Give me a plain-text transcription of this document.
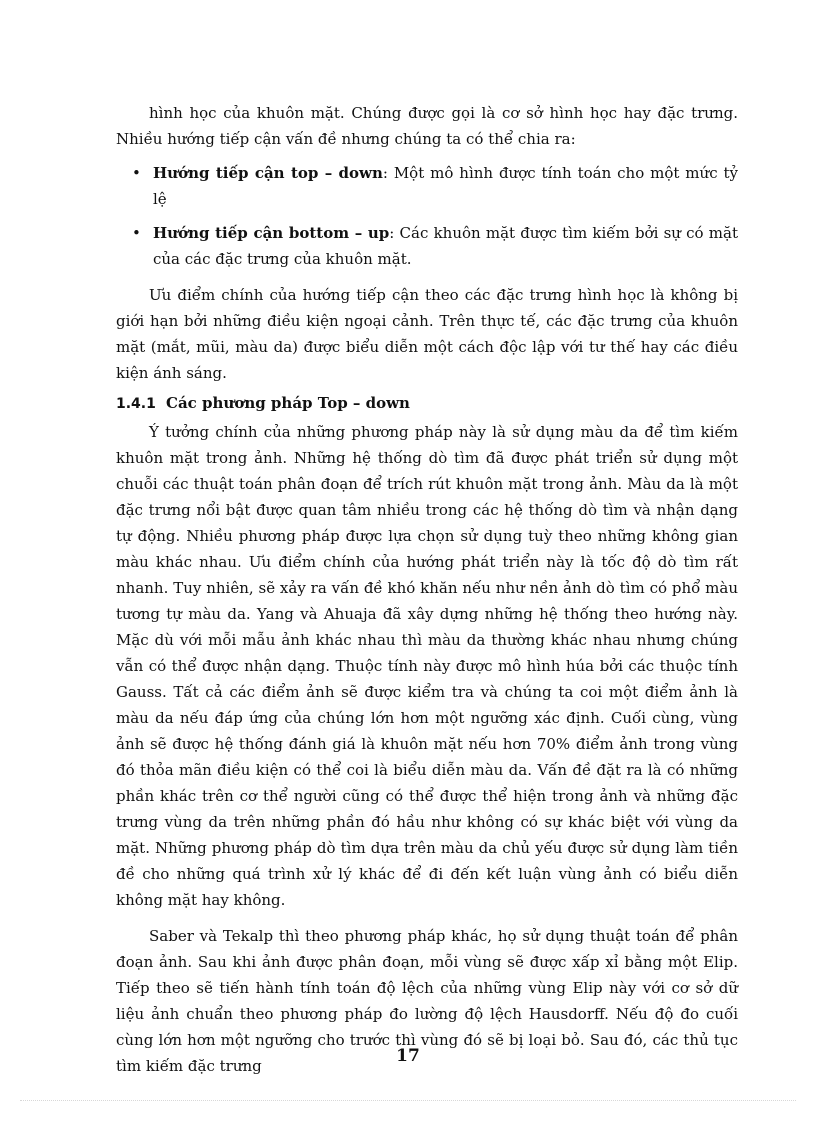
hình học của khuôn mặt. Chúng được gọi là cơ sở hình học hay đặc trưng. Nhiều hướng tiếp cận vấn đề nhưng chúng ta có thể chia ra:

• Hướng tiếp cận top – down: Một mô hình được tính toán cho một mức tỷ lệ

• Hướng tiếp cận bottom – up: Các khuôn mặt được tìm kiếm bởi sự có mặt của các đặc trưng của khuôn mặt.

Ưu điểm chính của hướng tiếp cận theo các đặc trưng hình học là không bị giới hạn bởi những điều kiện ngoại cảnh. Trên thực tế, các đặc trưng của khuôn mặt (mắt, mũi, màu da) được biểu diễn một cách độc lập với tư thế hay các điều kiện ánh sáng.

1.4.1 Các phương pháp Top – down

Ý tưởng chính của những phương pháp này là sử dụng màu da để tìm kiếm khuôn mặt trong ảnh. Những hệ thống dò tìm đã được phát triển sử dụng một chuỗi các thuật toán phân đoạn để trích rút khuôn mặt trong ảnh. Màu da là một đặc trưng nổi bật được quan tâm nhiều trong các hệ thống dò tìm và nhận dạng tự động. Nhiều phương pháp được lựa chọn sử dụng tuỳ theo những không gian màu khác nhau. Ưu điểm chính của hướng phát triển này là tốc độ dò tìm rất nhanh. Tuy nhiên, sẽ xảy ra vấn đề khó khăn nếu như nền ảnh dò tìm có phổ màu tương tự màu da. Yang và Ahuaja đã xây dựng những hệ thống theo hướng này. Mặc dù với mỗi mẫu ảnh khác nhau thì màu da thường khác nhau nhưng chúng vẫn có thể được nhận dạng. Thuộc tính này được mô hình húa bởi các thuộc tính Gauss. Tất cả các điểm ảnh sẽ được kiểm tra và chúng ta coi một điểm ảnh là màu da nếu đáp ứng của chúng lớn hơn một ngưỡng xác định. Cuối cùng, vùng ảnh sẽ được hệ thống đánh giá là khuôn mặt nếu hơn 70% điểm ảnh trong vùng đó thỏa mãn điều kiện có thể coi là biểu diễn màu da. Vấn đề đặt ra là có những phần khác trên cơ thể người cũng có thể được thể hiện trong ảnh và những đặc trưng vùng da trên những phần đó hầu như không có sự khác biệt với vùng da mặt. Những phương pháp dò tìm dựa trên màu da chủ yếu được sử dụng làm tiền đề cho những quá trình xử lý khác để đi đến kết luận vùng ảnh có biểu diễn không mặt hay không.

Saber và Tekalp thì theo phương pháp khác, họ sử dụng thuật toán để phân đoạn ảnh. Sau khi ảnh được phân đoạn, mỗi vùng sẽ được xấp xỉ bằng một Elip. Tiếp theo sẽ tiến hành tính toán độ lệch của những vùng Elip này với cơ sở dữ liệu ảnh chuẩn theo phương pháp đo lường độ lệch Hausdorff. Nếu độ đo cuối cùng lớn hơn một ngưỡng cho trước thì vùng đó sẽ bị loại bỏ. Sau đó, các thủ tục tìm kiếm đặc trưng	17
